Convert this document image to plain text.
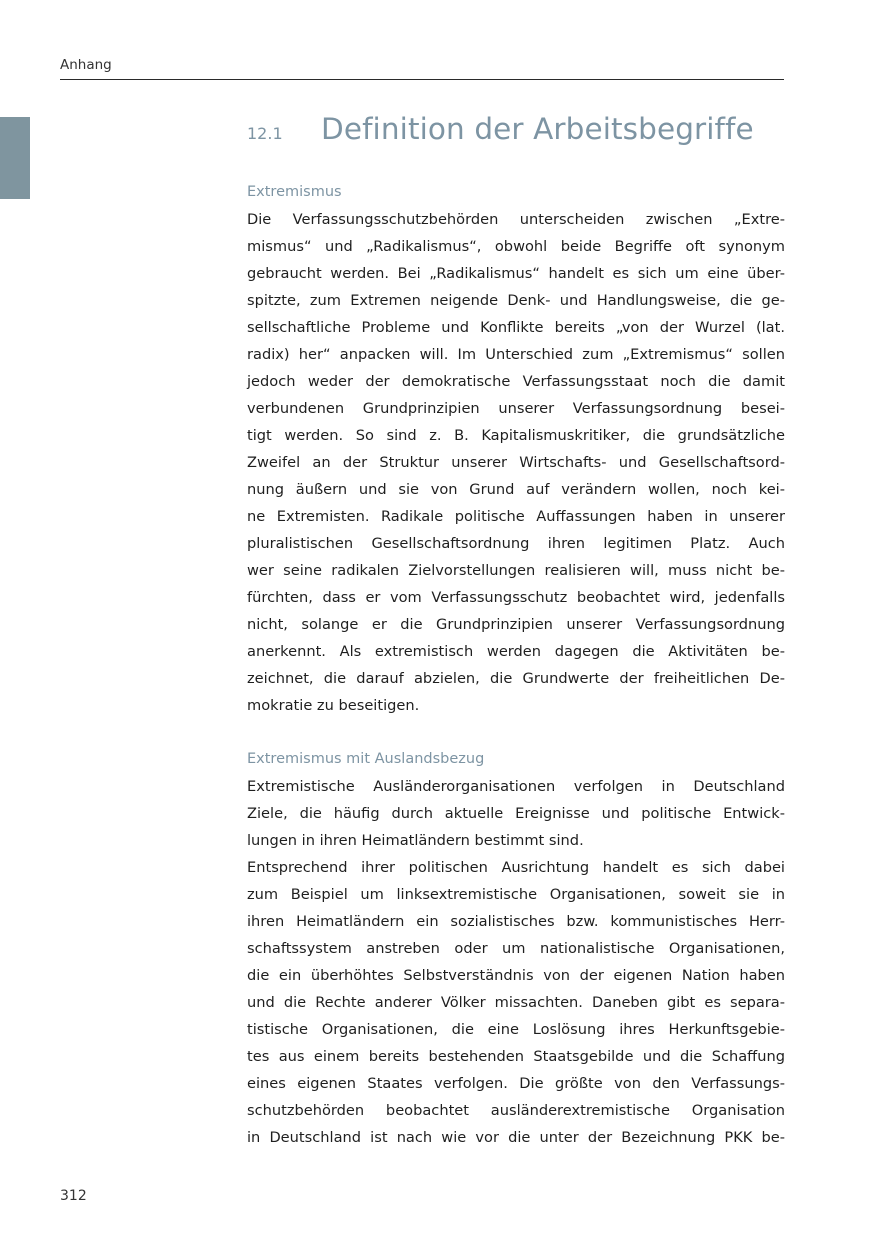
Anhang
12.1 Definition der Arbeitsbegriffe
Extremismus

Die Verfassungsschutzbehörden unterscheiden zwischen „Extre-
mismus“ und „Radikalismus“, obwohl beide Begriffe oft synonym
gebraucht werden. Bei „Radikalismus“ handelt es sich um eine über-
spitzte, zum Extremen neigende Denk- und Handlungsweise, die ge-
sellschaftliche Probleme und Konflikte bereits „von der Wurzel (lat.
radix) her“ anpacken will. Im Unterschied zum „Extremismus“ sollen
jedoch weder der demokratische Verfassungsstaat noch die damit
verbundenen Grundprinzipien unserer Verfassungsordnung besei-
tigt werden. So sind z. B. Kapitalismuskritiker, die grundsätzliche
Zweifel an der Struktur unserer Wirtschafts- und Gesellschaftsord-
nung äußern und sie von Grund auf verändern wollen, noch kei-
ne Extremisten. Radikale politische Auffassungen haben in unserer
pluralistischen Gesellschaftsordnung ihren legitimen Platz. Auch
wer seine radikalen Zielvorstellungen realisieren will, muss nicht be-
fürchten, dass er vom Verfassungsschutz beobachtet wird, jedenfalls
nicht, solange er die Grundprinzipien unserer Verfassungsordnung
anerkennt. Als extremistisch werden dagegen die Aktivitäten be-
zeichnet, die darauf abzielen, die Grundwerte der freiheitlichen De-
mokratie zu beseitigen.

Extremismus mit Auslandsbezug

Extremistische Ausländerorganisationen verfolgen in Deutschland
Ziele, die häufig durch aktuelle Ereignisse und politische Entwick-
lungen in ihren Heimatländern bestimmt sind.

Entsprechend ihrer politischen Ausrichtung handelt es sich dabei
zum Beispiel um linksextremistische Organisationen, soweit sie in
ihren Heimatländern ein sozialistisches bzw. kommunistisches Herr-
schaftssystem anstreben oder um nationalistische Organisationen,
die ein überhöhtes Selbstverständnis von der eigenen Nation haben
und die Rechte anderer Völker missachten. Daneben gibt es separa-
tistische Organisationen, die eine Loslösung ihres Herkunftsgebie-
tes aus einem bereits bestehenden Staatsgebilde und die Schaffung
eines eigenen Staates verfolgen. Die größte von den Verfassungs-
schutzbehörden beobachtet ausländerextremistische Organisation
in Deutschland ist nach wie vor die unter der Bezeichnung PKK be-

312
